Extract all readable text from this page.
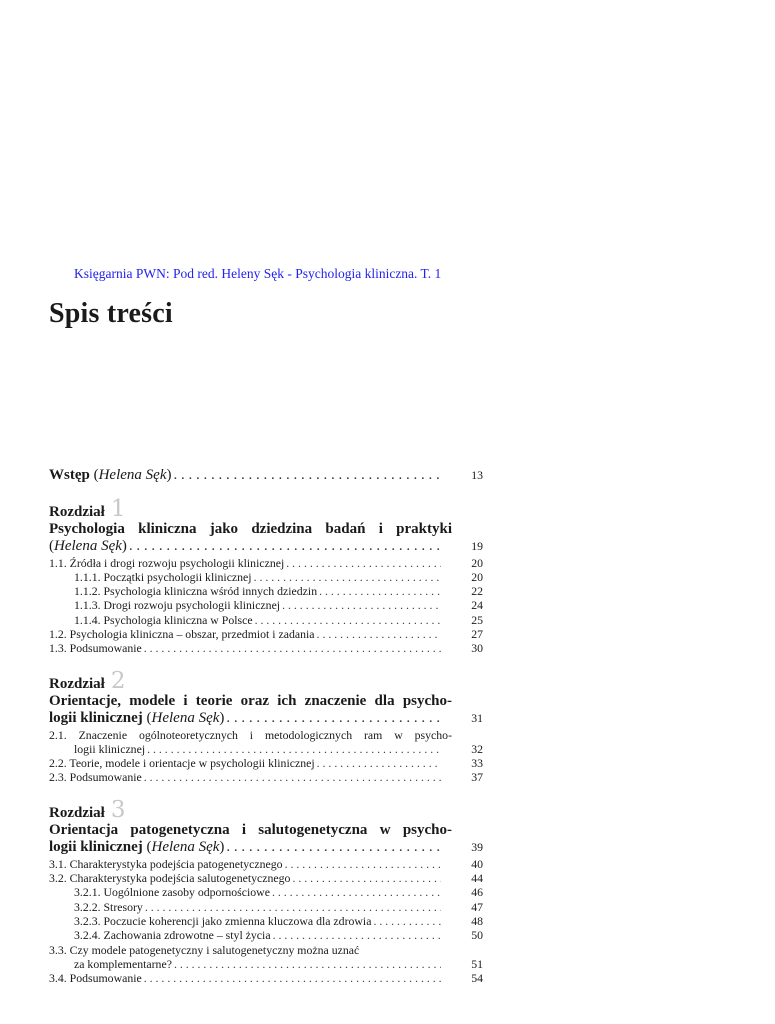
Księgarnia PWN: Pod red. Heleny Sęk - Psychologia kliniczna. T. 1
Spis treści
Wstęp (Helena Sęk) . . .	13
Rozdział 1
Psychologia kliniczna jako dziedzina badań i praktyki
(Helena Sęk) . . .	19
1.1. Źródła i drogi rozwoju psychologii klinicznej . . .	20
1.1.1. Początki psychologii klinicznej . . .	20
1.1.2. Psychologia kliniczna wśród innych dziedzin . . .	22
1.1.3. Drogi rozwoju psychologii klinicznej . . .	24
1.1.4. Psychologia kliniczna w Polsce . . .	25
1.2. Psychologia kliniczna – obszar, przedmiot i zadania . . .	27
1.3. Podsumowanie . . .	30
Rozdział 2
Orientacje, modele i teorie oraz ich znaczenie dla psycho-
logii klinicznej (Helena Sęk) . . .	31
2.1. Znaczenie ogólnoteoretycznych i metodologicznych ram w psycho-
logii klinicznej . . .	32
2.2. Teorie, modele i orientacje w psychologii klinicznej . . .	33
2.3. Podsumowanie . . .	37
Rozdział 3
Orientacja patogenetyczna i salutogenetyczna w psycho-
logii klinicznej (Helena Sęk) . . .	39
3.1. Charakterystyka podejścia patogenetycznego . . .	40
3.2. Charakterystyka podejścia salutogenetycznego . . .	44
3.2.1. Uogólnione zasoby odpornościowe . . .	46
3.2.2. Stresory . . .	47
3.2.3. Poczucie koherencji jako zmienna kluczowa dla zdrowia . . .	48
3.2.4. Zachowania zdrowotne – styl życia . . .	50
3.3. Czy modele patogenetyczny i salutogenetyczny można uznać
za komplementarne? . . .	51
3.4. Podsumowanie . . .	54
